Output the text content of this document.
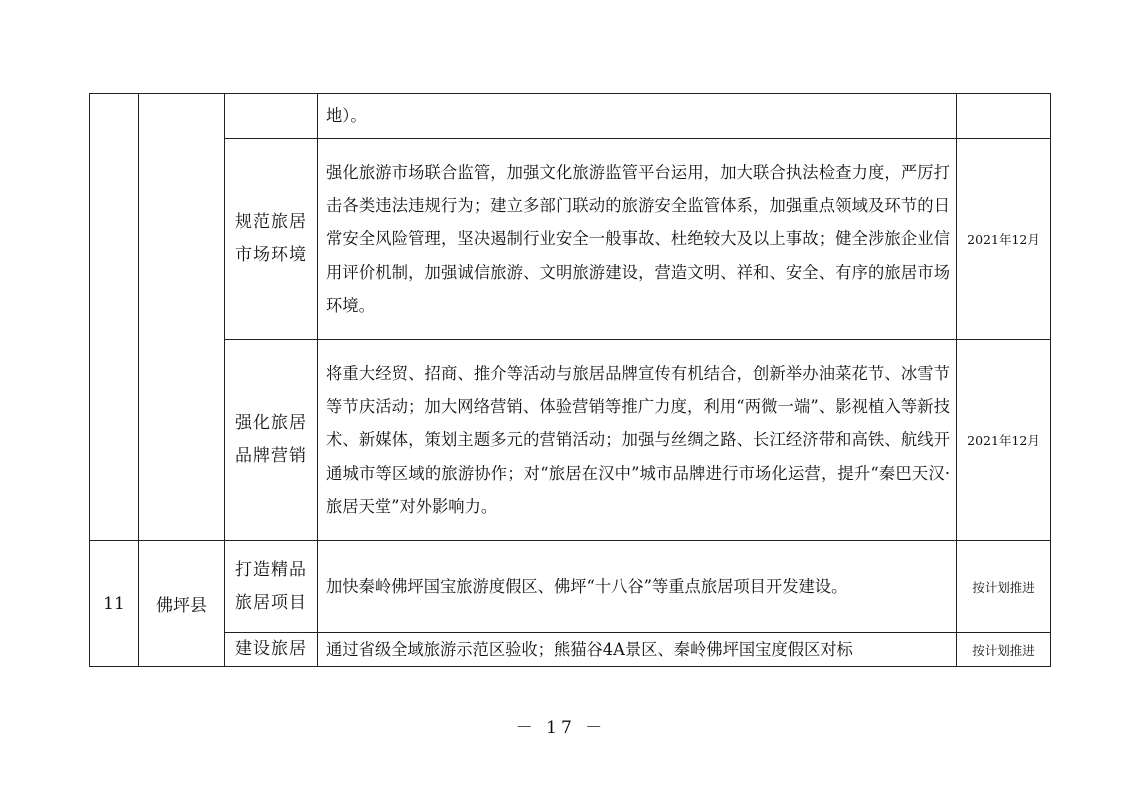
			地）。	
		规范旅居市场环境	强化旅游市场联合监管，加强文化旅游监管平台运用，加大联合执法检查力度，严厉打击各类违法违规行为；建立多部门联动的旅游安全监管体系，加强重点领域及环节的日常安全风险管理，坚决遏制行业安全一般事故、杜绝较大及以上事故；健全涉旅企业信用评价机制，加强诚信旅游、文明旅游建设，营造文明、祥和、安全、有序的旅居市场环境。	2021年12月
		强化旅居品牌营销	将重大经贸、招商、推介等活动与旅居品牌宣传有机结合，创新举办油菜花节、冰雪节等节庆活动；加大网络营销、体验营销等推广力度，利用“两微一端”、影视植入等新技术、新媒体，策划主题多元的营销活动；加强与丝绸之路、长江经济带和高铁、航线开通城市等区域的旅游协作；对“旅居在汉中”城市品牌进行市场化运营，提升“秦巴天汉·旅居天堂”对外影响力。	2021年12月
11	佛坪县	打造精品旅居项目	加快秦岭佛坪国宝旅游度假区、佛坪“十八谷”等重点旅居项目开发建设。	按计划推进
		建设旅居	通过省级全域旅游示范区验收；熊猫谷4A景区、秦岭佛坪国宝度假区对标	按计划推进
－ 17 －
